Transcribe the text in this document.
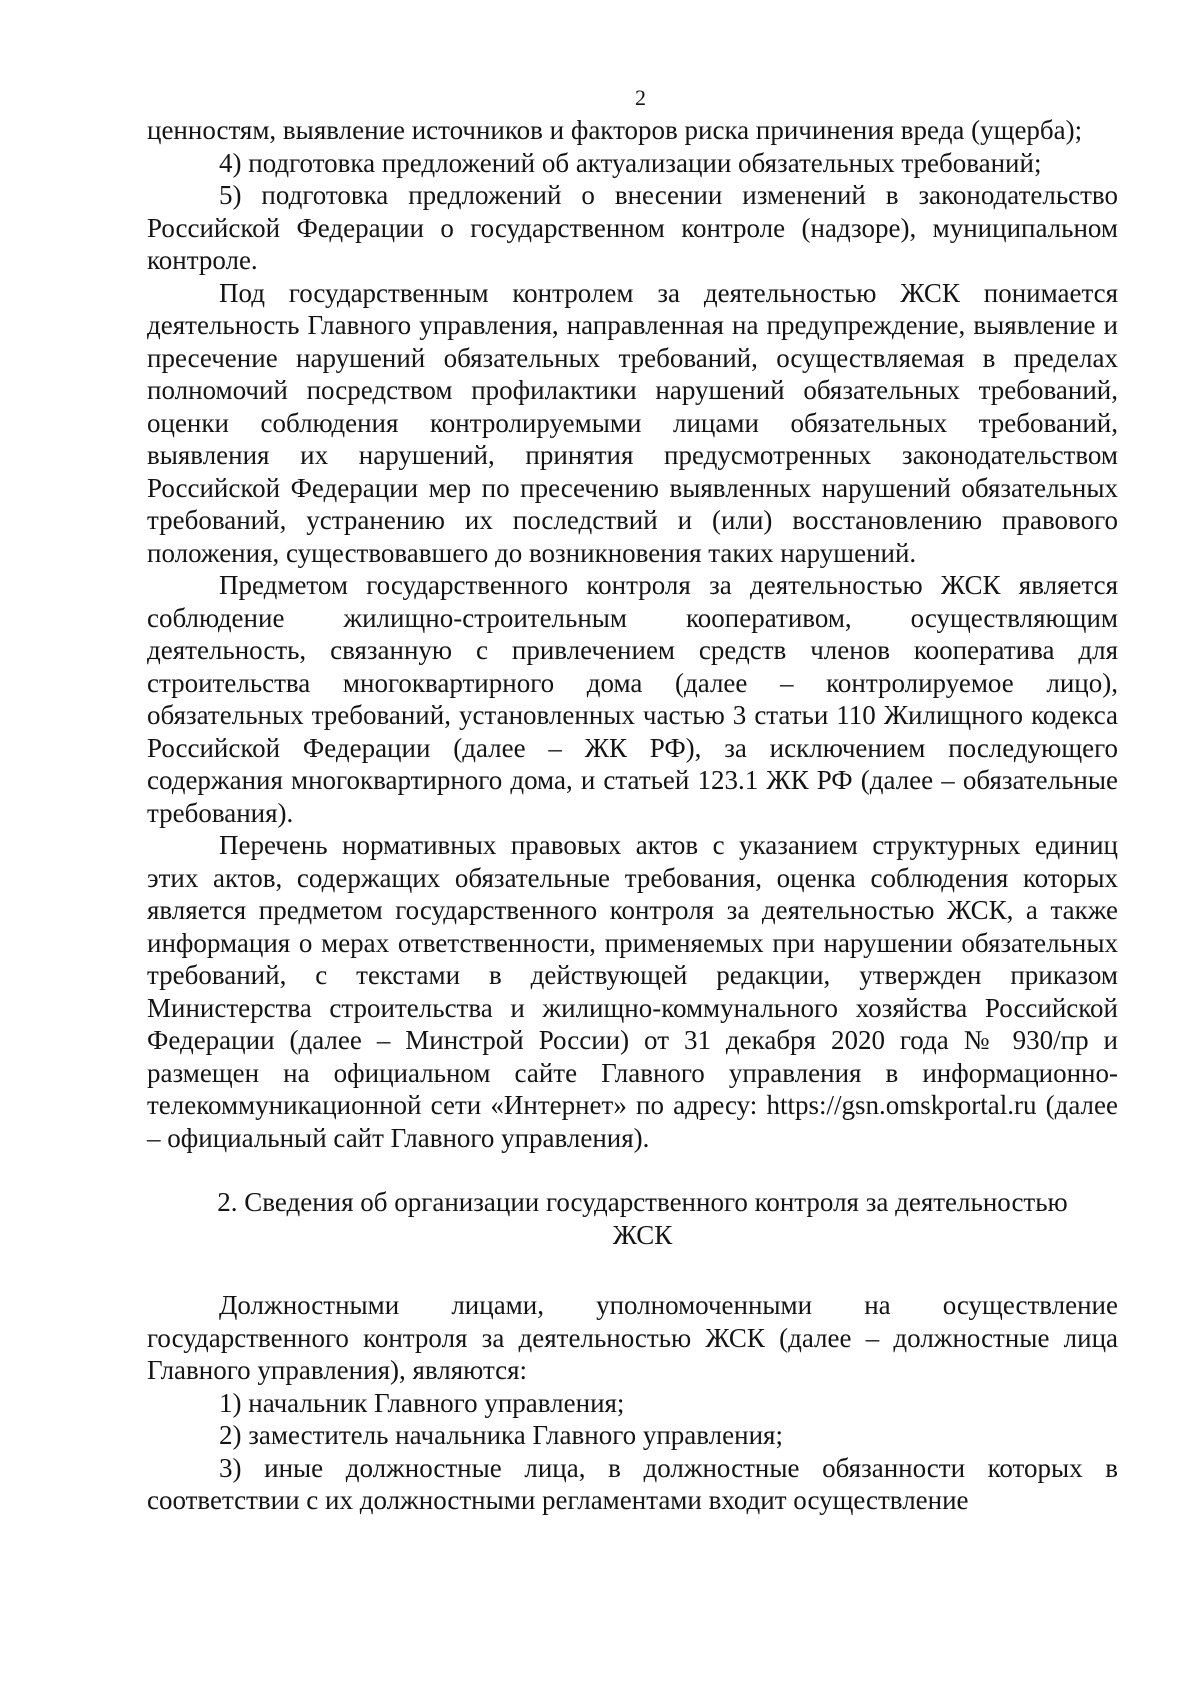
2

ценностям, выявление источников и факторов риска причинения вреда (ущерба);

4) подготовка предложений об актуализации обязательных требований;

5) подготовка предложений о внесении изменений в законодательство Российской Федерации о государственном контроле (надзоре), муниципальном контроле.

Под государственным контролем за деятельностью ЖСК понимается деятельность Главного управления, направленная на предупреждение, выявление и пресечение нарушений обязательных требований, осуществляемая в пределах полномочий посредством профилактики нарушений обязательных требований, оценки соблюдения контролируемыми лицами обязательных требований, выявления их нарушений, принятия предусмотренных законодательством Российской Федерации мер по пресечению выявленных нарушений обязательных требований, устранению их последствий и (или) восстановлению правового положения, существовавшего до возникновения таких нарушений.

Предметом государственного контроля за деятельностью ЖСК является соблюдение жилищно-строительным кооперативом, осуществляющим деятельность, связанную с привлечением средств членов кооператива для строительства многоквартирного дома (далее – контролируемое лицо), обязательных требований, установленных частью 3 статьи 110 Жилищного кодекса Российской Федерации (далее – ЖК РФ), за исключением последующего содержания многоквартирного дома, и статьей 123.1 ЖК РФ (далее – обязательные требования).

Перечень нормативных правовых актов с указанием структурных единиц этих актов, содержащих обязательные требования, оценка соблюдения которых является предметом государственного контроля за деятельностью ЖСК, а также информация о мерах ответственности, применяемых при нарушении обязательных требований, с текстами в действующей редакции, утвержден приказом Министерства строительства и жилищно-коммунального хозяйства Российской Федерации (далее – Минстрой России) от 31 декабря 2020 года № 930/пр и размещен на официальном сайте Главного управления в информационно-телекоммуникационной сети «Интернет» по адресу: https://gsn.omskportal.ru (далее – официальный сайт Главного управления).

2. Сведения об организации государственного контроля за деятельностью ЖСК

Должностными лицами, уполномоченными на осуществление государственного контроля за деятельностью ЖСК (далее – должностные лица Главного управления), являются:

1) начальник Главного управления;

2) заместитель начальника Главного управления;

3) иные должностные лица, в должностные обязанности которых в соответствии с их должностными регламентами входит осуществление
